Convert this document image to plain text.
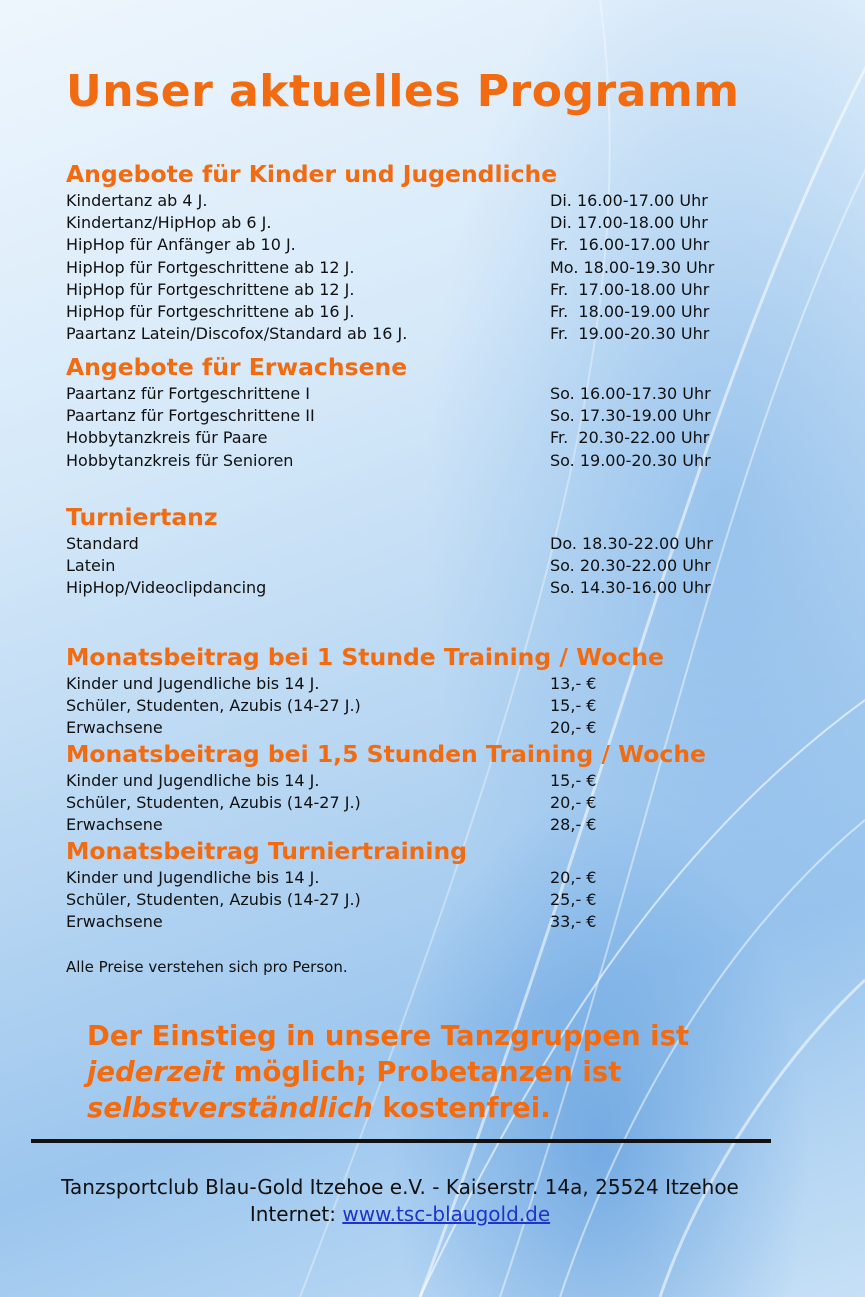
Unser aktuelles Programm
Angebote für Kinder und Jugendliche
Kindertanz ab 4 J.	Di. 16.00-17.00 Uhr
Kindertanz/HipHop ab 6 J.	Di. 17.00-18.00 Uhr
HipHop für Anfänger ab 10 J.	Fr.  16.00-17.00 Uhr
HipHop für Fortgeschrittene ab 12 J.	Mo. 18.00-19.30 Uhr
HipHop für Fortgeschrittene ab 12 J.	Fr.  17.00-18.00 Uhr
HipHop für Fortgeschrittene ab 16 J.	Fr.  18.00-19.00 Uhr
Paartanz Latein/Discofox/Standard ab 16 J.	Fr.  19.00-20.30 Uhr
Angebote für Erwachsene
Paartanz für Fortgeschrittene I	So. 16.00-17.30 Uhr
Paartanz für Fortgeschrittene II	So. 17.30-19.00 Uhr
Hobbytanzkreis für Paare	Fr.  20.30-22.00 Uhr
Hobbytanzkreis für Senioren	So. 19.00-20.30 Uhr
Turniertanz
Standard	Do. 18.30-22.00 Uhr
Latein	So. 20.30-22.00 Uhr
HipHop/Videoclipdancing	So. 14.30-16.00 Uhr
Monatsbeitrag bei 1 Stunde Training / Woche
Kinder und Jugendliche bis 14 J.	13,- €
Schüler, Studenten, Azubis (14-27 J.)	15,- €
Erwachsene	20,- €
Monatsbeitrag bei 1,5 Stunden Training / Woche
Kinder und Jugendliche bis 14 J.	15,- €
Schüler, Studenten, Azubis (14-27 J.)	20,- €
Erwachsene	28,- €
Monatsbeitrag Turniertraining
Kinder und Jugendliche bis 14 J.	20,- €
Schüler, Studenten, Azubis (14-27 J.)	25,- €
Erwachsene	33,- €
Alle Preise verstehen sich pro Person.
Der Einstieg in unsere Tanzgruppen ist
jederzeit möglich; Probetanzen ist
selbstverständlich kostenfrei.
Tanzsportclub Blau-Gold Itzehoe e.V. - Kaiserstr. 14a, 25524 Itzehoe
Internet: www.tsc-blaugold.de
